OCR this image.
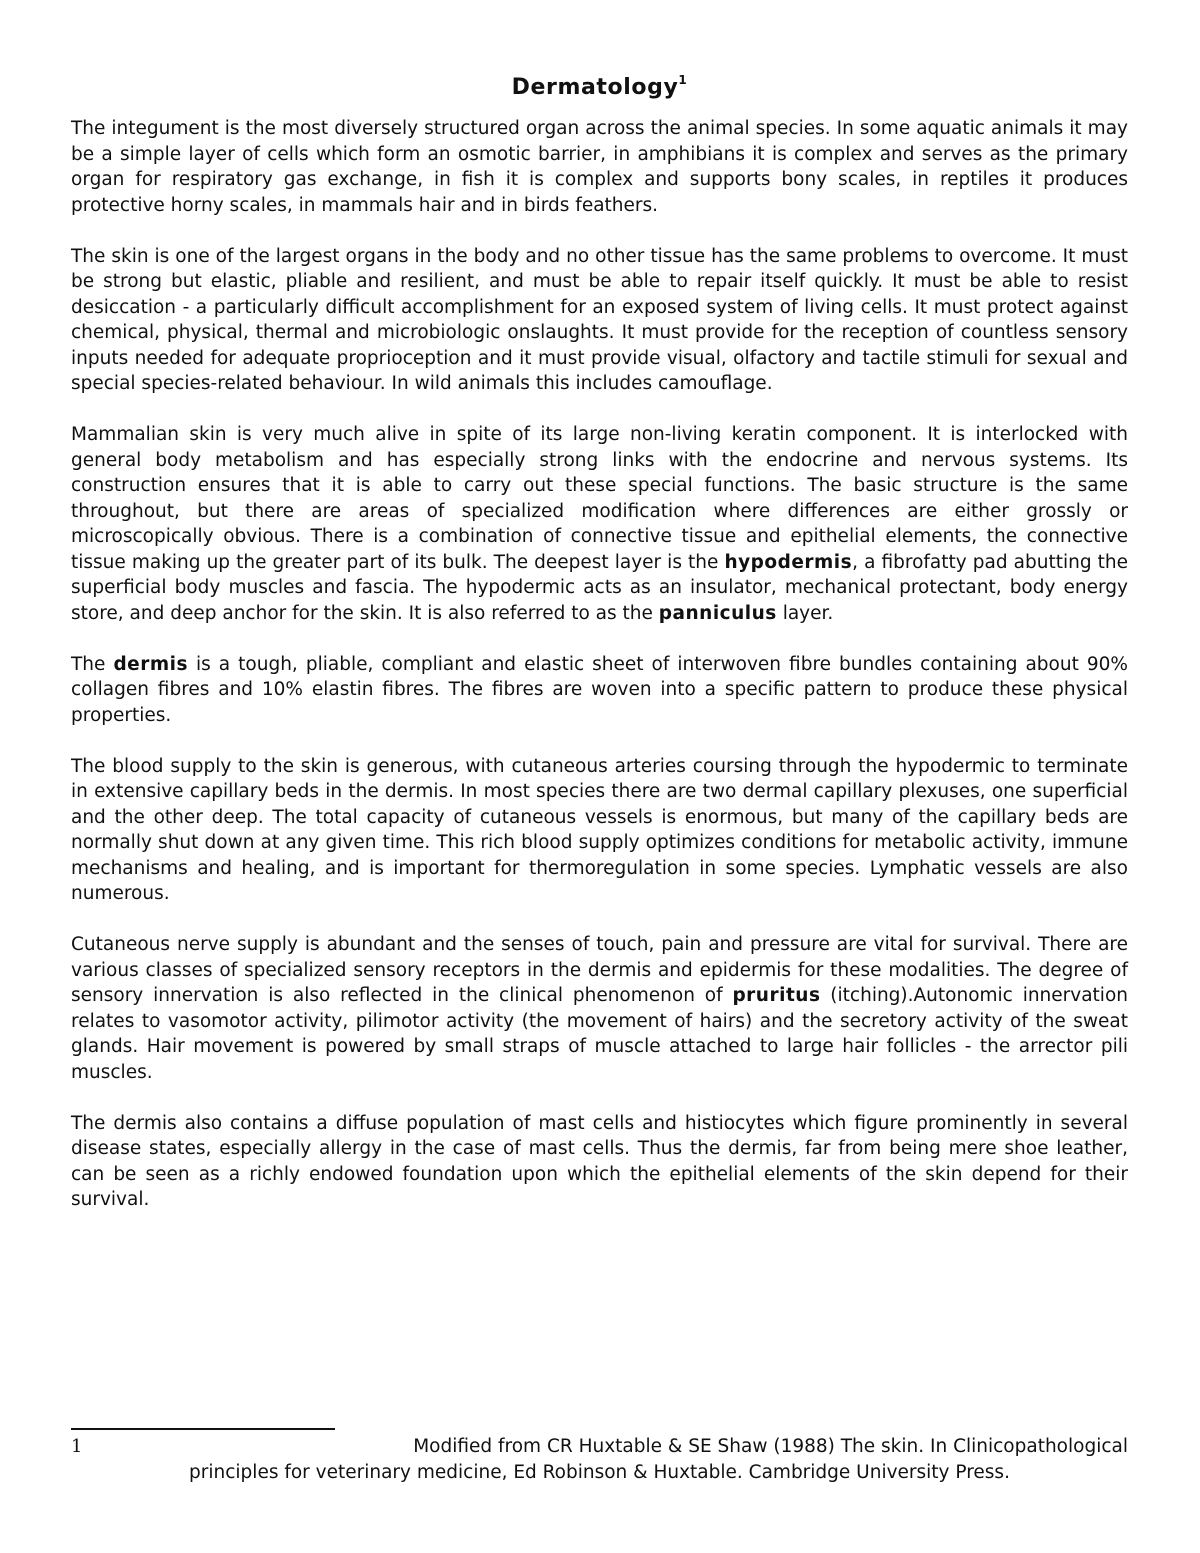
Dermatology$^1$

The integument is the most diversely structured organ across the animal species. In some aquatic animals it may be a simple layer of cells which form an osmotic barrier, in amphibians it is complex and serves as the primary organ for respiratory gas exchange, in fish it is complex and supports bony scales, in reptiles it produces protective horny scales, in mammals hair and in birds feathers.

The skin is one of the largest organs in the body and no other tissue has the same problems to overcome. It must be strong but elastic, pliable and resilient, and must be able to repair itself quickly. It must be able to resist desiccation - a particularly difficult accomplishment for an exposed system of living cells. It must protect against chemical, physical, thermal and microbiologic onslaughts. It must provide for the reception of countless sensory inputs needed for adequate proprioception and it must provide visual, olfactory and tactile stimuli for sexual and special species-related behaviour. In wild animals this includes camouflage.

Mammalian skin is very much alive in spite of its large non-living keratin component. It is interlocked with general body metabolism and has especially strong links with the endocrine and nervous systems. Its construction ensures that it is able to carry out these special functions. The basic structure is the same throughout, but there are areas of specialized modification where differences are either grossly or microscopically obvious. There is a combination of connective tissue and epithelial elements, the connective tissue making up the greater part of its bulk. The deepest layer is the hypodermis, a fibrofatty pad abutting the superficial body muscles and fascia. The hypodermic acts as an insulator, mechanical protectant, body energy store, and deep anchor for the skin. It is also referred to as the panniculus layer.

The dermis is a tough, pliable, compliant and elastic sheet of interwoven fibre bundles containing about 90% collagen fibres and 10% elastin fibres. The fibres are woven into a specific pattern to produce these physical properties.

The blood supply to the skin is generous, with cutaneous arteries coursing through the hypodermic to terminate in extensive capillary beds in the dermis. In most species there are two dermal capillary plexuses, one superficial and the other deep. The total capacity of cutaneous vessels is enormous, but many of the capillary beds are normally shut down at any given time. This rich blood supply optimizes conditions for metabolic activity, immune mechanisms and healing, and is important for thermoregulation in some species. Lymphatic vessels are also numerous.

Cutaneous nerve supply is abundant and the senses of touch, pain and pressure are vital for survival. There are various classes of specialized sensory receptors in the dermis and epidermis for these modalities. The degree of sensory innervation is also reflected in the clinical phenomenon of pruritus (itching).Autonomic innervation relates to vasomotor activity, pilimotor activity (the movement of hairs) and the secretory activity of the sweat glands. Hair movement is powered by small straps of muscle attached to large hair follicles - the arrector pili muscles.

The dermis also contains a diffuse population of mast cells and histiocytes which figure prominently in several disease states, especially allergy in the case of mast cells. Thus the dermis, far from being mere shoe leather, can be seen as a richly endowed foundation upon which the epithelial elements of the skin depend for their survival.

1	Modified from CR Huxtable & SE Shaw (1988) The skin. In Clinicopathological
principles for veterinary medicine, Ed Robinson & Huxtable. Cambridge University Press.
